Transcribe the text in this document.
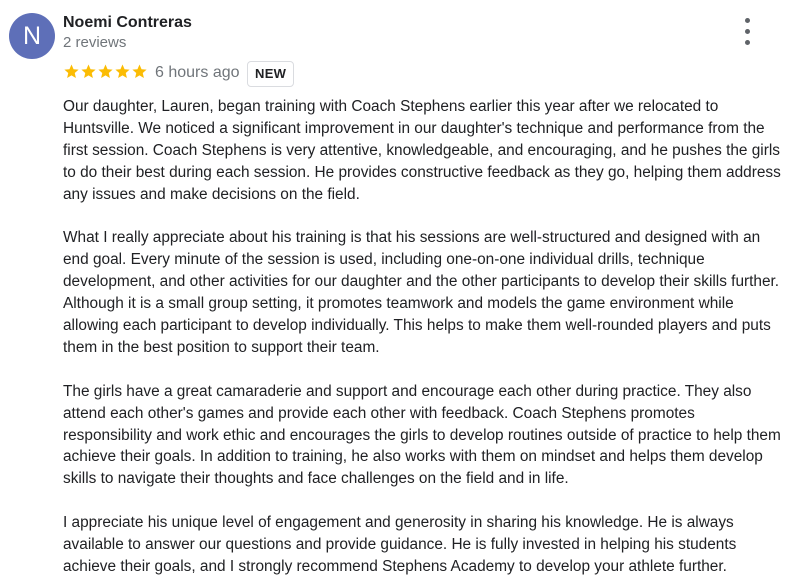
N	Noemi Contreras
2 reviews
6 hours ago	NEW

Our daughter, Lauren, began training with Coach Stephens earlier this year after we relocated to Huntsville. We noticed a significant improvement in our daughter's technique and performance from the first session. Coach Stephens is very attentive, knowledgeable, and encouraging, and he pushes the girls to do their best during each session. He provides constructive feedback as they go, helping them address any issues and make decisions on the field.

What I really appreciate about his training is that his sessions are well-structured and designed with an end goal. Every minute of the session is used, including one-on-one individual drills, technique development, and other activities for our daughter and the other participants to develop their skills further. Although it is a small group setting, it promotes teamwork and models the game environment while allowing each participant to develop individually. This helps to make them well-rounded players and puts them in the best position to support their team.

The girls have a great camaraderie and support and encourage each other during practice. They also attend each other's games and provide each other with feedback. Coach Stephens promotes responsibility and work ethic and encourages the girls to develop routines outside of practice to help them achieve their goals. In addition to training, he also works with them on mindset and helps them develop skills to navigate their thoughts and face challenges on the field and in life.

I appreciate his unique level of engagement and generosity in sharing his knowledge. He is always available to answer our questions and provide guidance. He is fully invested in helping his students achieve their goals, and I strongly recommend Stephens Academy to develop your athlete further.
